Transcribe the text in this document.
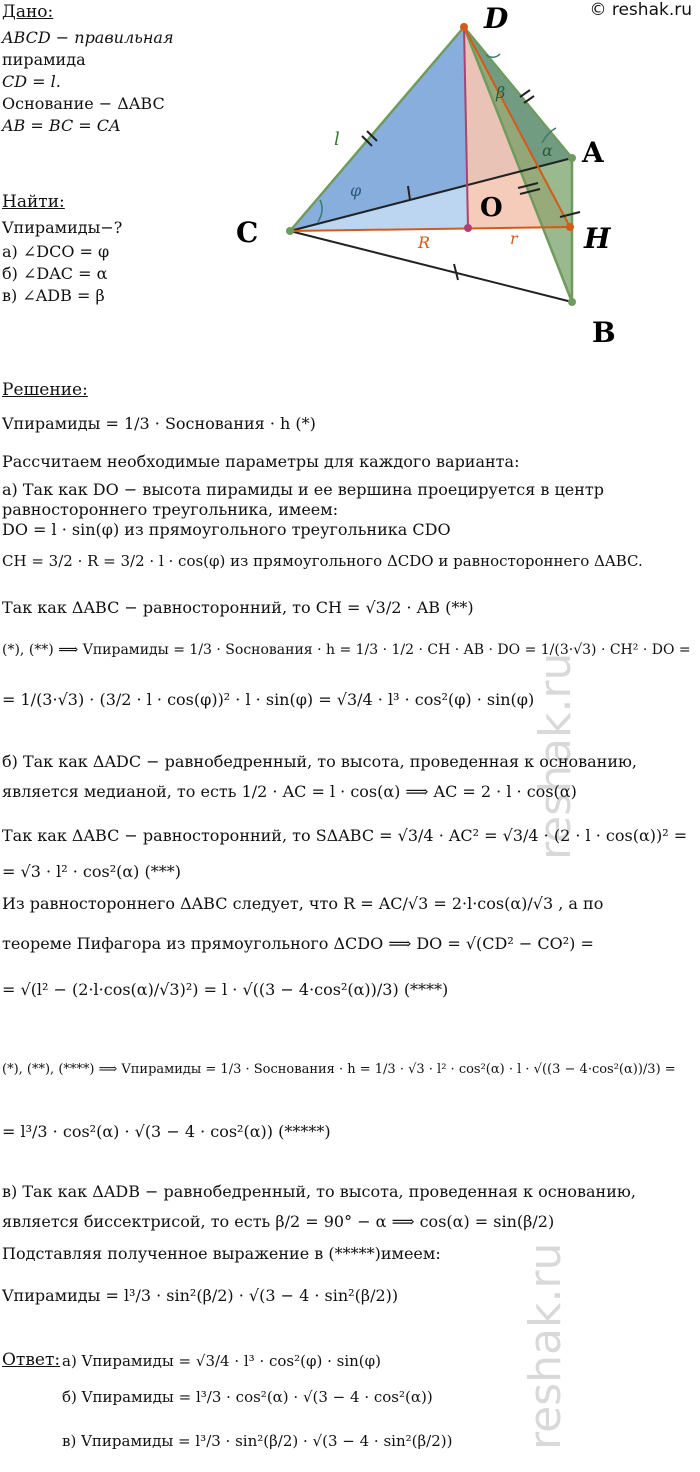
reshak.ru
reshak.ru
© reshak.ru
Дано:
ABCD − правильная
пирамида
CD = l.
Основание − ΔABC
AB = BC = CA
Найти:
Vпирамиды−?
а) ∠DCO = φ
б) ∠DAC = α
в) ∠ADB = β
D
A
O
C	H
B
l
φ
R	r
α
β
Решение:
Vпирамиды = 1/3 · Sоснования · h (*)
Рассчитаем необходимые параметры для каждого варианта:
а) Так как DO − высота пирамиды и ее вершина проецируется в центр
равностороннего треугольника, имеем:
DO = l · sin(φ) из прямоугольного треугольника CDO
CH = 3/2 · R = 3/2 · l · cos(φ) из прямоугольного ΔCDO и равностороннего ΔABC.
Так как ΔABC − равносторонний, то CH = √3/2 · AB (**)
(*), (**) ⟹ Vпирамиды = 1/3 · Sоснования · h = 1/3 · 1/2 · CH · AB · DO = 1/(3·√3) · CH² · DO =
= 1/(3·√3) · (3/2 · l · cos(φ))² · l · sin(φ) = √3/4 · l³ · cos²(φ) · sin(φ)
б) Так как ΔADC − равнобедренный, то высота, проведенная к основанию,
является медианой, то есть 1/2 · AC = l · cos(α) ⟹ AC = 2 · l · cos(α)
Так как ΔABC − равносторонний, то SΔABC = √3/4 · AC² = √3/4 · (2 · l · cos(α))² =
= √3 · l² · cos²(α) (***)
Из равностороннего ΔABC следует, что R = AC/√3 = 2·l·cos(α)/√3 , а по
теореме Пифагора из прямоугольного ΔCDO ⟹ DO = √(CD² − CO²) =
= √(l² − (2·l·cos(α)/√3)²) = l · √((3 − 4·cos²(α))/3) (****)
(*), (**), (****) ⟹ Vпирамиды = 1/3 · Sоснования · h = 1/3 · √3 · l² · cos²(α) · l · √((3 − 4·cos²(α))/3) =
= l³/3 · cos²(α) · √(3 − 4 · cos²(α)) (*****)
в) Так как ΔADB − равнобедренный, то высота, проведенная к основанию,
является биссектрисой, то есть β/2 = 90° − α ⟹ cos(α) = sin(β/2)
Подставляя полученное выражение в (*****)имеем:
Vпирамиды = l³/3 · sin²(β/2) · √(3 − 4 · sin²(β/2))
Ответ: а) Vпирамиды = √3/4 · l³ · cos²(φ) · sin(φ)
б) Vпирамиды = l³/3 · cos²(α) · √(3 − 4 · cos²(α))
в) Vпирамиды = l³/3 · sin²(β/2) · √(3 − 4 · sin²(β/2))
